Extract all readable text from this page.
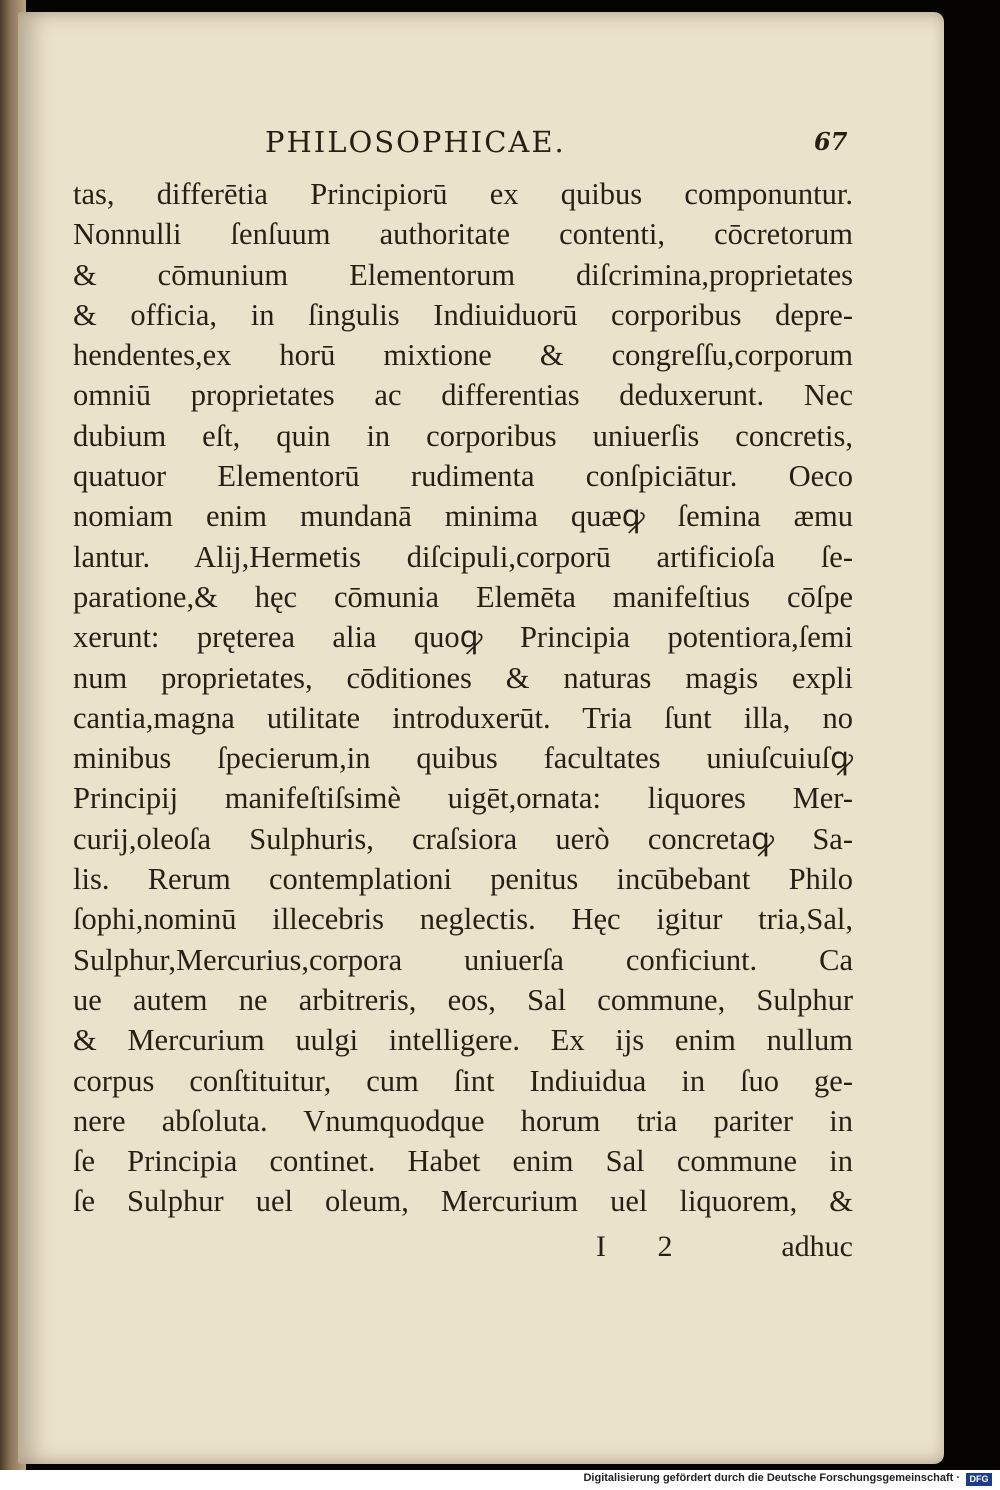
PHILOSOPHICAE.	67
tas, differētia Principiorū ex quibus componuntur.
Nonnulli ſenſuum authoritate contenti, cōcretorum
& cōmunium Elementorum diſcrimina,proprietates
& officia, in ſingulis Indiuiduorū corporibus depre-
hendentes,ex horū mixtione & congreſſu,corporum
omniū proprietates ac differentias deduxerunt. Nec
dubium eſt, quin in corporibus uniuerſis concretis,
quatuor Elementorū rudimenta conſpiciātur. Oeco
nomiam enim mundanā minima quæꝙ ſemina æmu
lantur. Alij,Hermetis diſcipuli,corporū artificioſa ſe-
paratione,& hęc cōmunia Elemēta manifeſtius cōſpe
xerunt: pręterea alia quoꝙ Principia potentiora,ſemi
num proprietates, cōditiones & naturas magis expli
cantia,magna utilitate introduxerūt. Tria ſunt illa, no
minibus ſpecierum,in quibus facultates uniuſcuiuſꝙ
Principij manifeſtiſsimè uigēt,ornata: liquores Mer-
curij,oleoſa Sulphuris, craſsiora uerò concretaꝙ Sa-
lis. Rerum contemplationi penitus incūbebant Philo
ſophi,nominū illecebris neglectis. Hęc igitur tria,Sal,
Sulphur,Mercurius,corpora uniuerſa conficiunt. Ca
ue autem ne arbitreris, eos, Sal commune, Sulphur
& Mercurium uulgi intelligere. Ex ijs enim nullum
corpus conſtituitur, cum ſint Indiuidua in ſuo ge-
nere abſoluta. Vnumquodque horum tria pariter in
ſe Principia continet. Habet enim Sal commune in
ſe Sulphur uel oleum, Mercurium uel liquorem, &
I 2	adhuc
Digitalisierung gefördert durch die Deutsche Forschungsgemeinschaft ·	DFG
